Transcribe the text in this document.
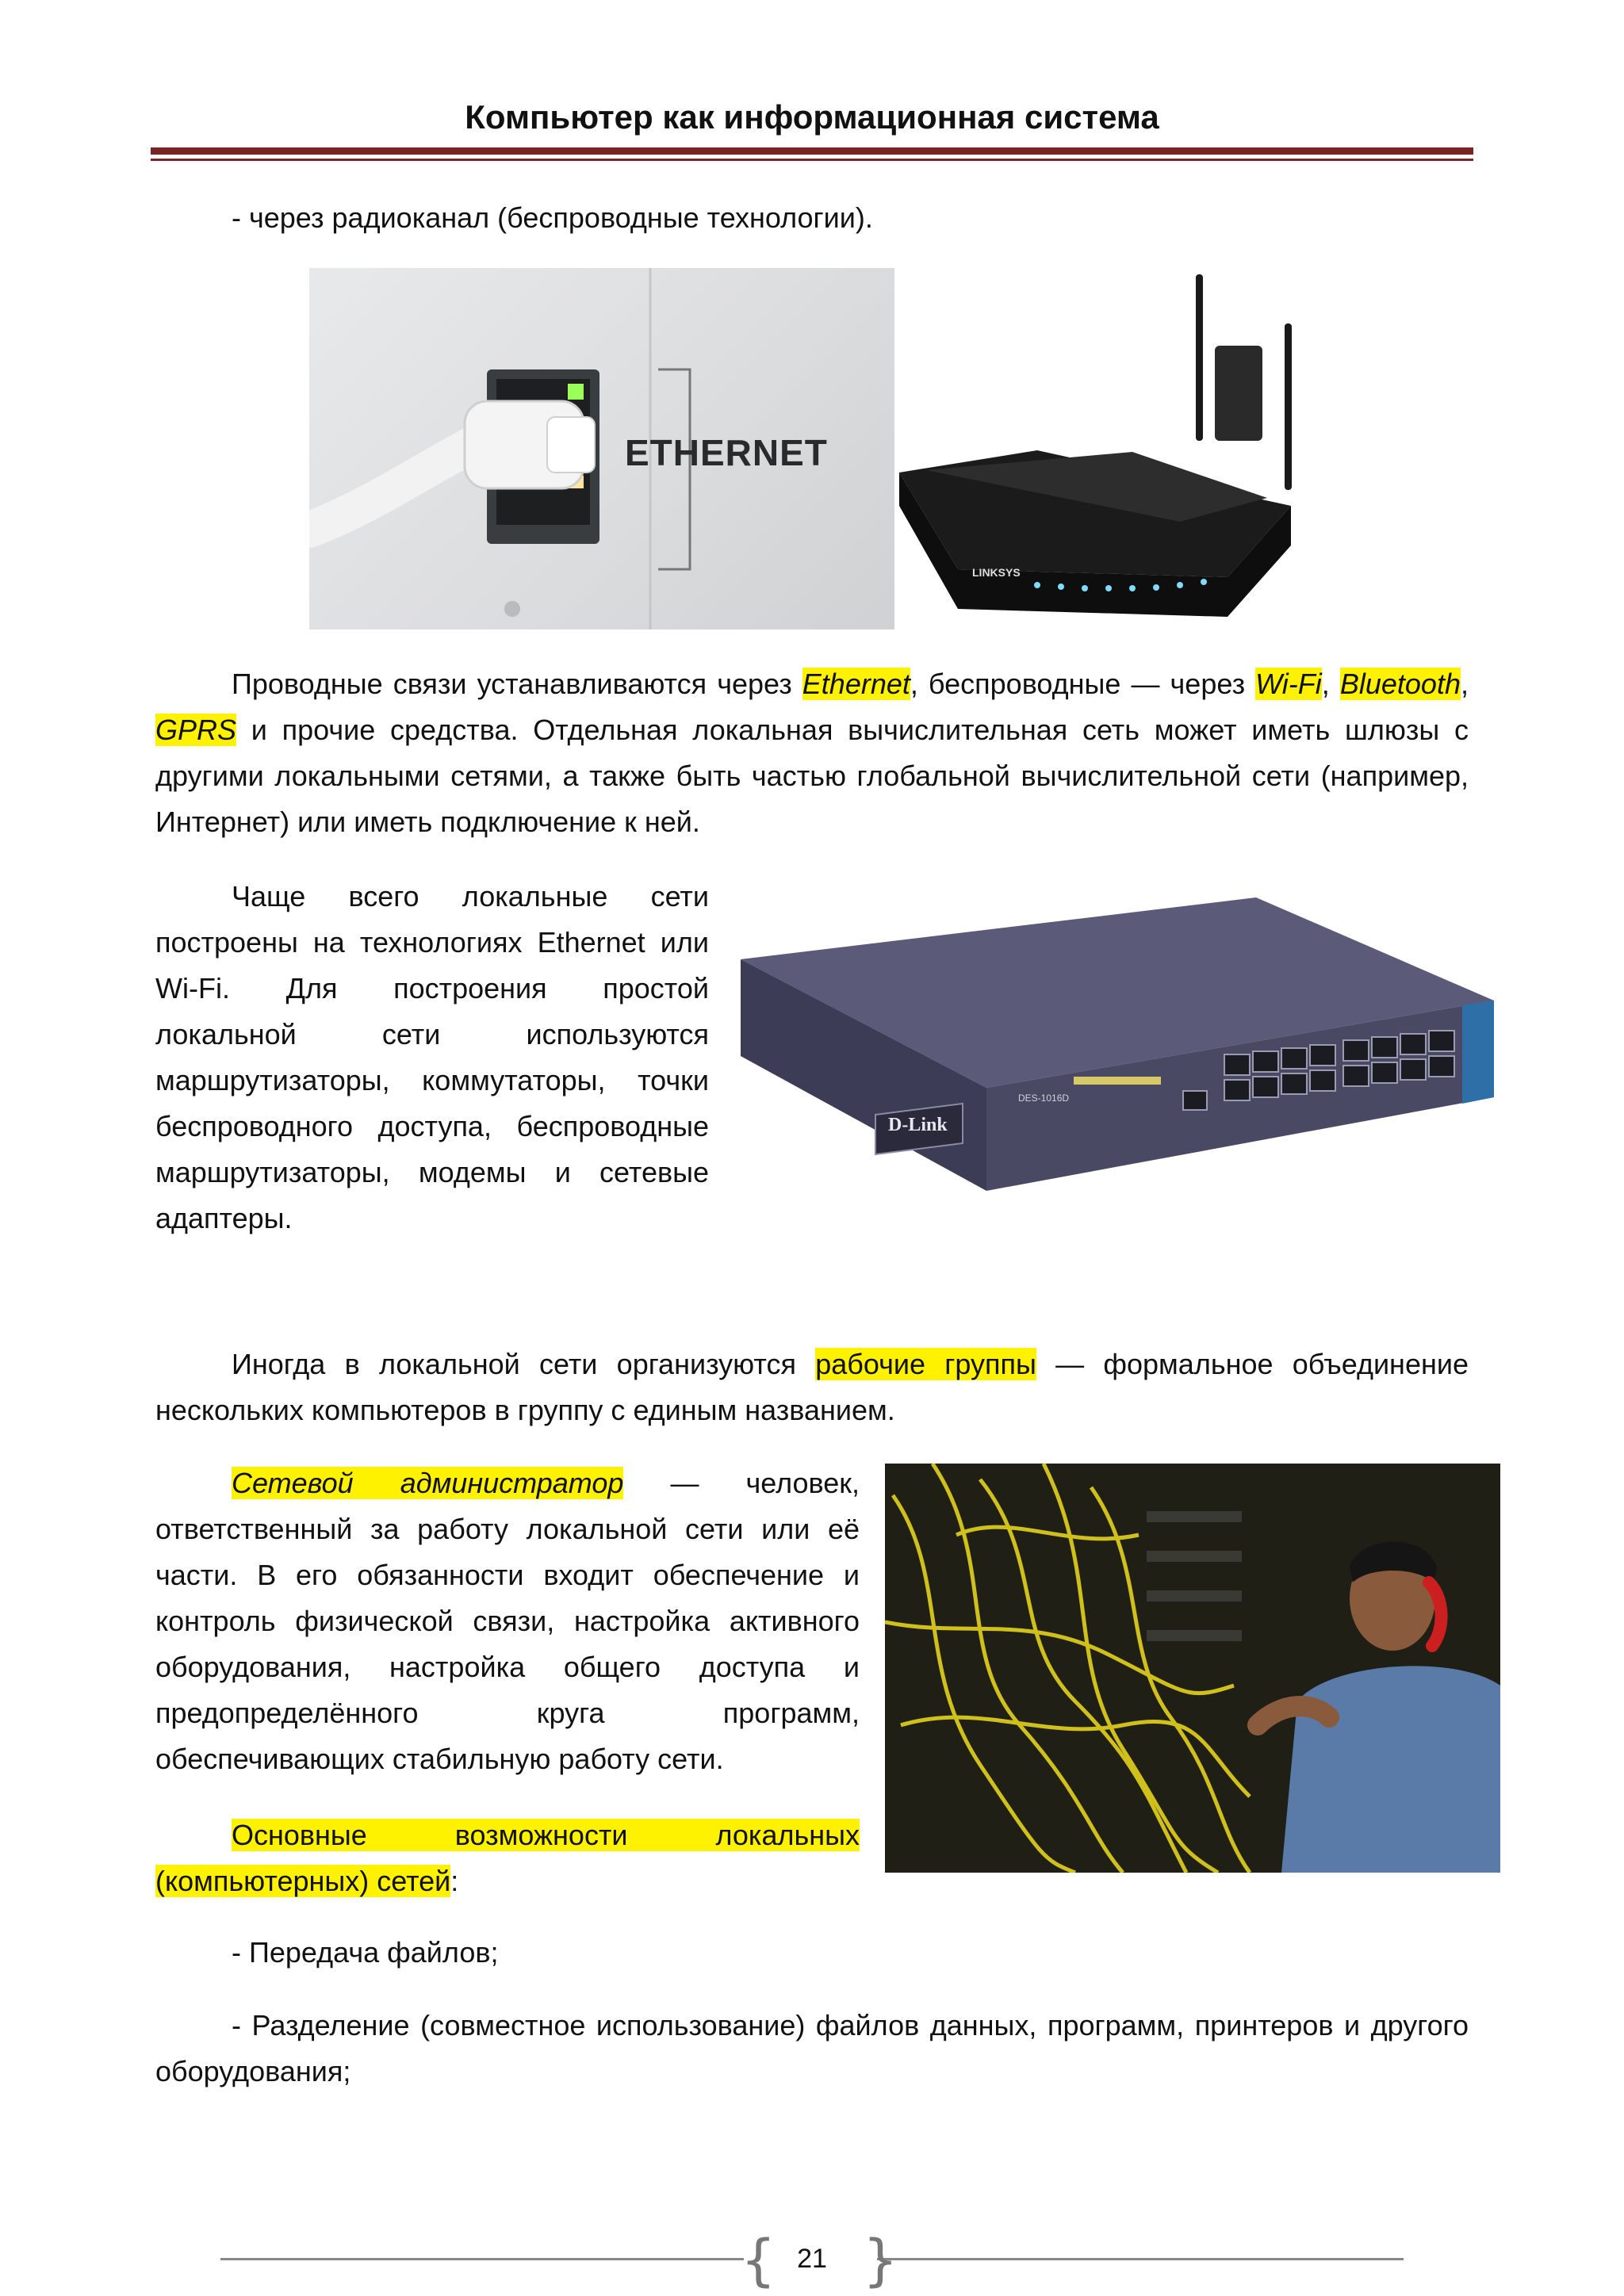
Компьютер как информационная система
- через радиоканал (беспроводные технологии).
ETHERNET
LINKSYS
Проводные связи устанавливаются через Ethernet, беспроводные — через Wi-Fi, Bluetooth, GPRS и прочие средства. Отдельная локальная вычислительная сеть может иметь шлюзы с другими локальными сетями, а также быть частью глобальной вычислительной сети (например, Интернет) или иметь подключение к ней.
Чаще всего локальные сети построены на технологиях Ethernet или Wi-Fi. Для построения простой локальной сети используются маршрутизаторы, коммутаторы, точки беспроводного доступа, беспроводные маршрутизаторы, модемы и сетевые адаптеры.
D-Link
DES-1016D
Иногда в локальной сети организуются рабочие группы — формальное объединение нескольких компьютеров в группу с единым названием.
Сетевой администратор — человек, ответственный за работу локальной сети или её части. В его обязанности входит обеспечение и контроль физической связи, настройка активного оборудования, настройка общего доступа и предопределённого круга программ, обеспечивающих стабильную работу сети.
Основные возможности локальных (компьютерных) сетей:
- Передача файлов;
- Разделение (совместное использование) файлов данных, программ, принтеров и другого оборудования;
{ }
21
